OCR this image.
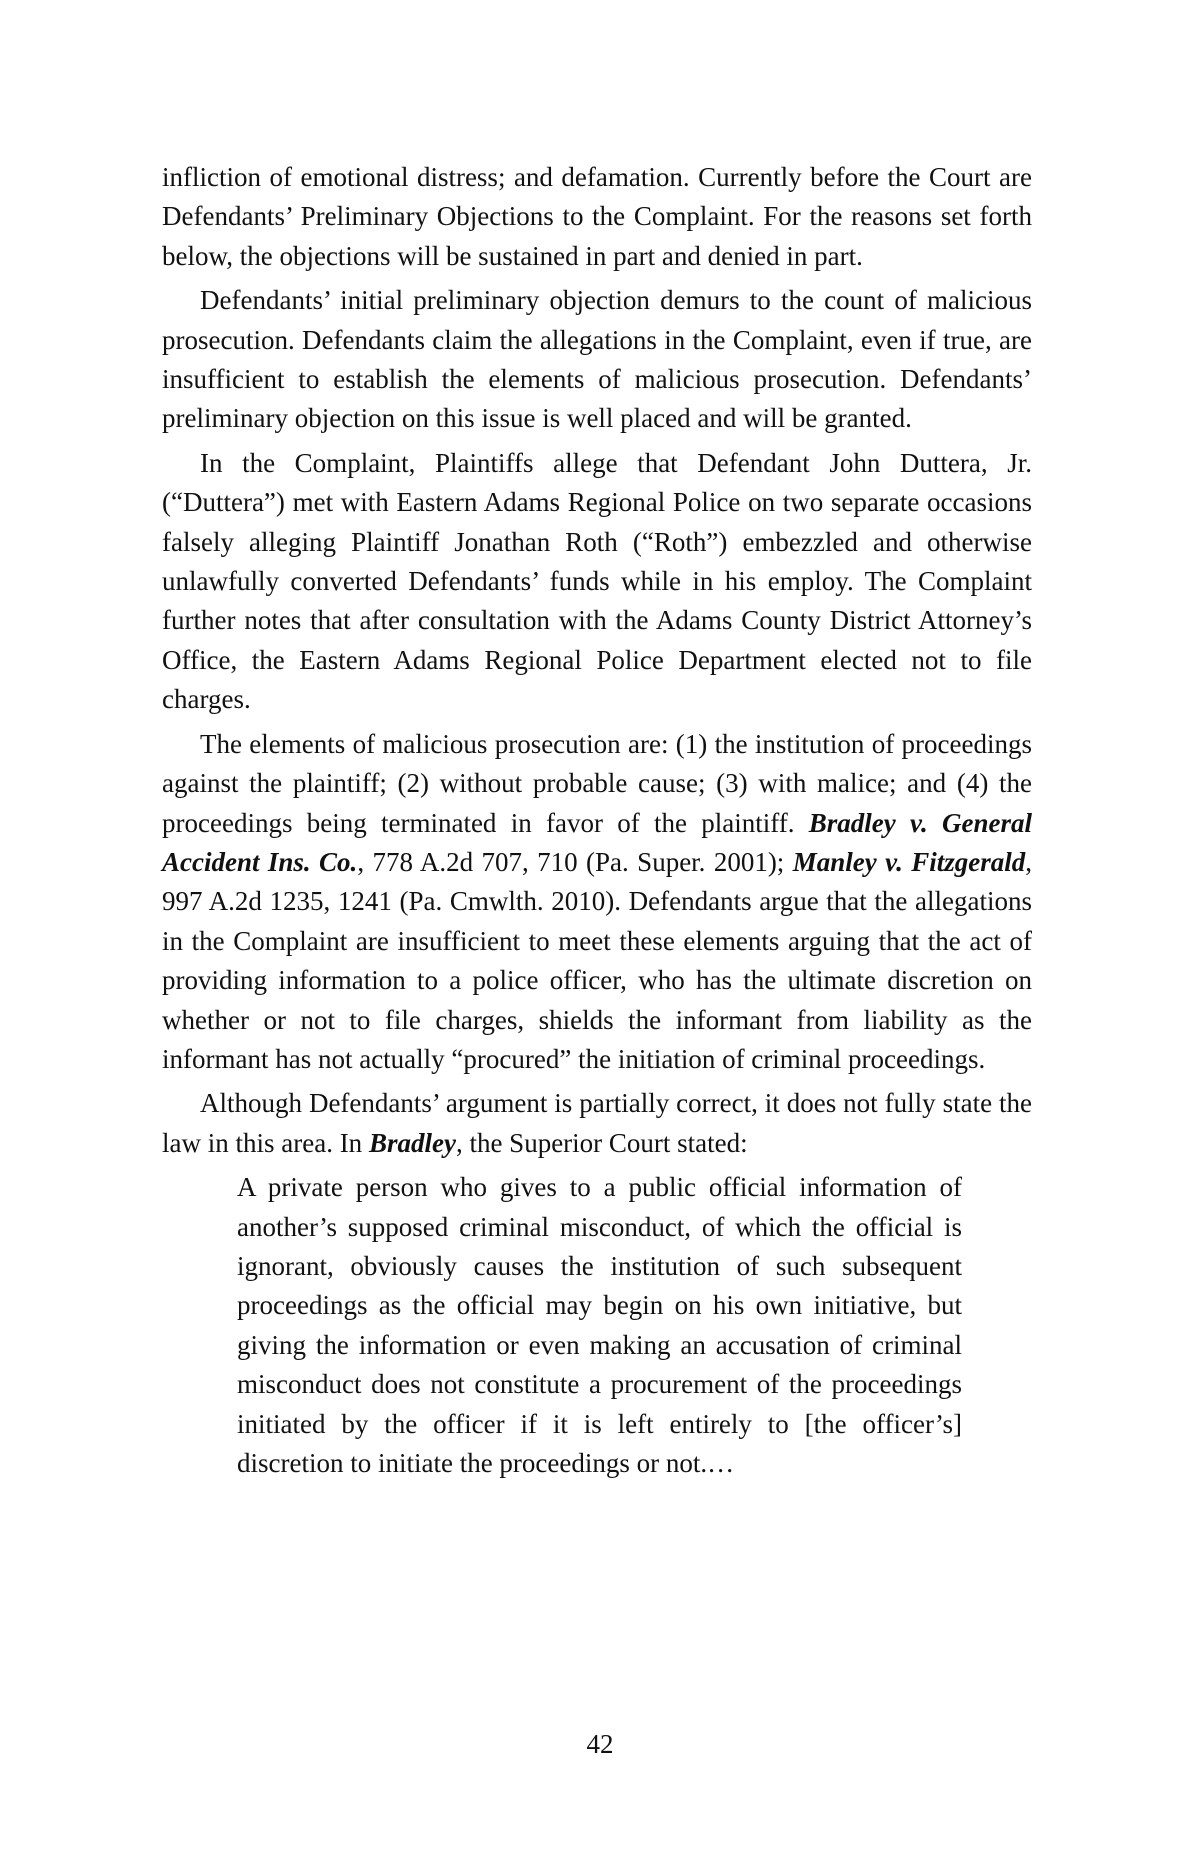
infliction of emotional distress; and defamation. Currently before the Court are Defendants’ Preliminary Objections to the Complaint. For the reasons set forth below, the objections will be sustained in part and denied in part.

Defendants’ initial preliminary objection demurs to the count of malicious prosecution. Defendants claim the allegations in the Complaint, even if true, are insufficient to establish the elements of malicious prosecution. Defendants’ preliminary objection on this issue is well placed and will be granted.

In the Complaint, Plaintiffs allege that Defendant John Duttera, Jr. (“Duttera”) met with Eastern Adams Regional Police on two separate occasions falsely alleging Plaintiff Jonathan Roth (“Roth”) embezzled and otherwise unlawfully converted Defendants’ funds while in his employ. The Complaint further notes that after consultation with the Adams County District Attorney’s Office, the Eastern Adams Regional Police Department elected not to file charges.

The elements of malicious prosecution are: (1) the institution of proceedings against the plaintiff; (2) without probable cause; (3) with malice; and (4) the proceedings being terminated in favor of the plaintiff. Bradley v. General Accident Ins. Co., 778 A.2d 707, 710 (Pa. Super. 2001); Manley v. Fitzgerald, 997 A.2d 1235, 1241 (Pa. Cmwlth. 2010). Defendants argue that the allegations in the Complaint are insufficient to meet these elements arguing that the act of providing information to a police officer, who has the ultimate discretion on whether or not to file charges, shields the informant from liability as the informant has not actually “procured” the initiation of criminal proceedings.

Although Defendants’ argument is partially correct, it does not fully state the law in this area. In Bradley, the Superior Court stated:

A private person who gives to a public official information of another’s supposed criminal misconduct, of which the official is ignorant, obviously causes the institution of such subsequent proceedings as the official may begin on his own initiative, but giving the information or even making an accusation of criminal misconduct does not constitute a procurement of the proceedings initiated by the officer if it is left entirely to [the officer’s] discretion to initiate the proceedings or not.…

42
